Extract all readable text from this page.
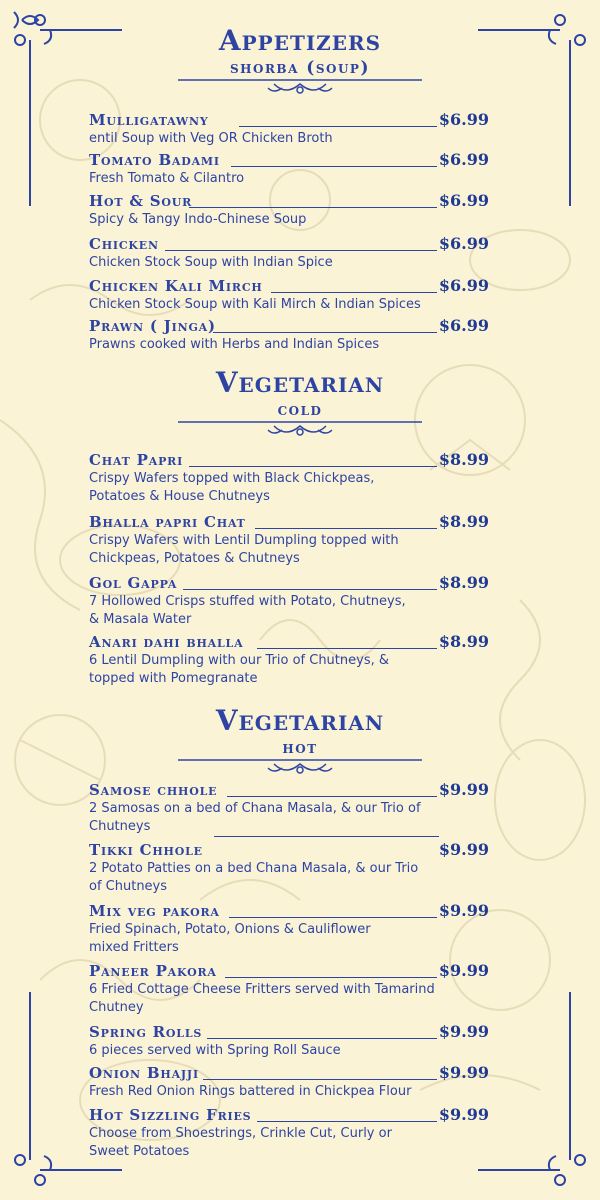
Appetizers
shorba (soup)
Mulligatawny	$6.99
entil Soup with Veg OR Chicken Broth
Tomato Badami	$6.99
Fresh Tomato & Cilantro
Hot & Sour	$6.99
Spicy & Tangy Indo-Chinese Soup
Chicken	$6.99
Chicken Stock Soup with Indian Spice
Chicken Kali Mirch	$6.99
Chicken Stock Soup with Kali Mirch & Indian Spices
Prawn ( Jinga)	$6.99
Prawns cooked with Herbs and Indian Spices
Vegetarian
cold
Chat Papri	$8.99
Crispy Wafers topped with Black Chickpeas,
Potatoes & House Chutneys
Bhalla papri Chat	$8.99
Crispy Wafers with Lentil Dumpling topped with
Chickpeas, Potatoes & Chutneys
Gol Gappa	$8.99
7 Hollowed Crisps stuffed with Potato, Chutneys,
& Masala Water
Anari dahi bhalla	$8.99
6 Lentil Dumpling with our Trio of Chutneys, &
topped with Pomegranate
Vegetarian
hot
Samose chhole	$9.99
2 Samosas on a bed of Chana Masala, & our Trio of
Chutneys
Tikki Chhole	$9.99
2 Potato Patties on a bed Chana Masala, & our Trio
of Chutneys
Mix veg pakora	$9.99
Fried Spinach, Potato, Onions & Cauliflower
mixed Fritters
Paneer Pakora	$9.99
6 Fried Cottage Cheese Fritters served with Tamarind
Chutney
Spring Rolls	$9.99
6 pieces served with Spring Roll Sauce
Onion Bhajji	$9.99
Fresh Red Onion Rings battered in Chickpea Flour
Hot Sizzling Fries	$9.99
Choose from Shoestrings, Crinkle Cut, Curly or
Sweet Potatoes
